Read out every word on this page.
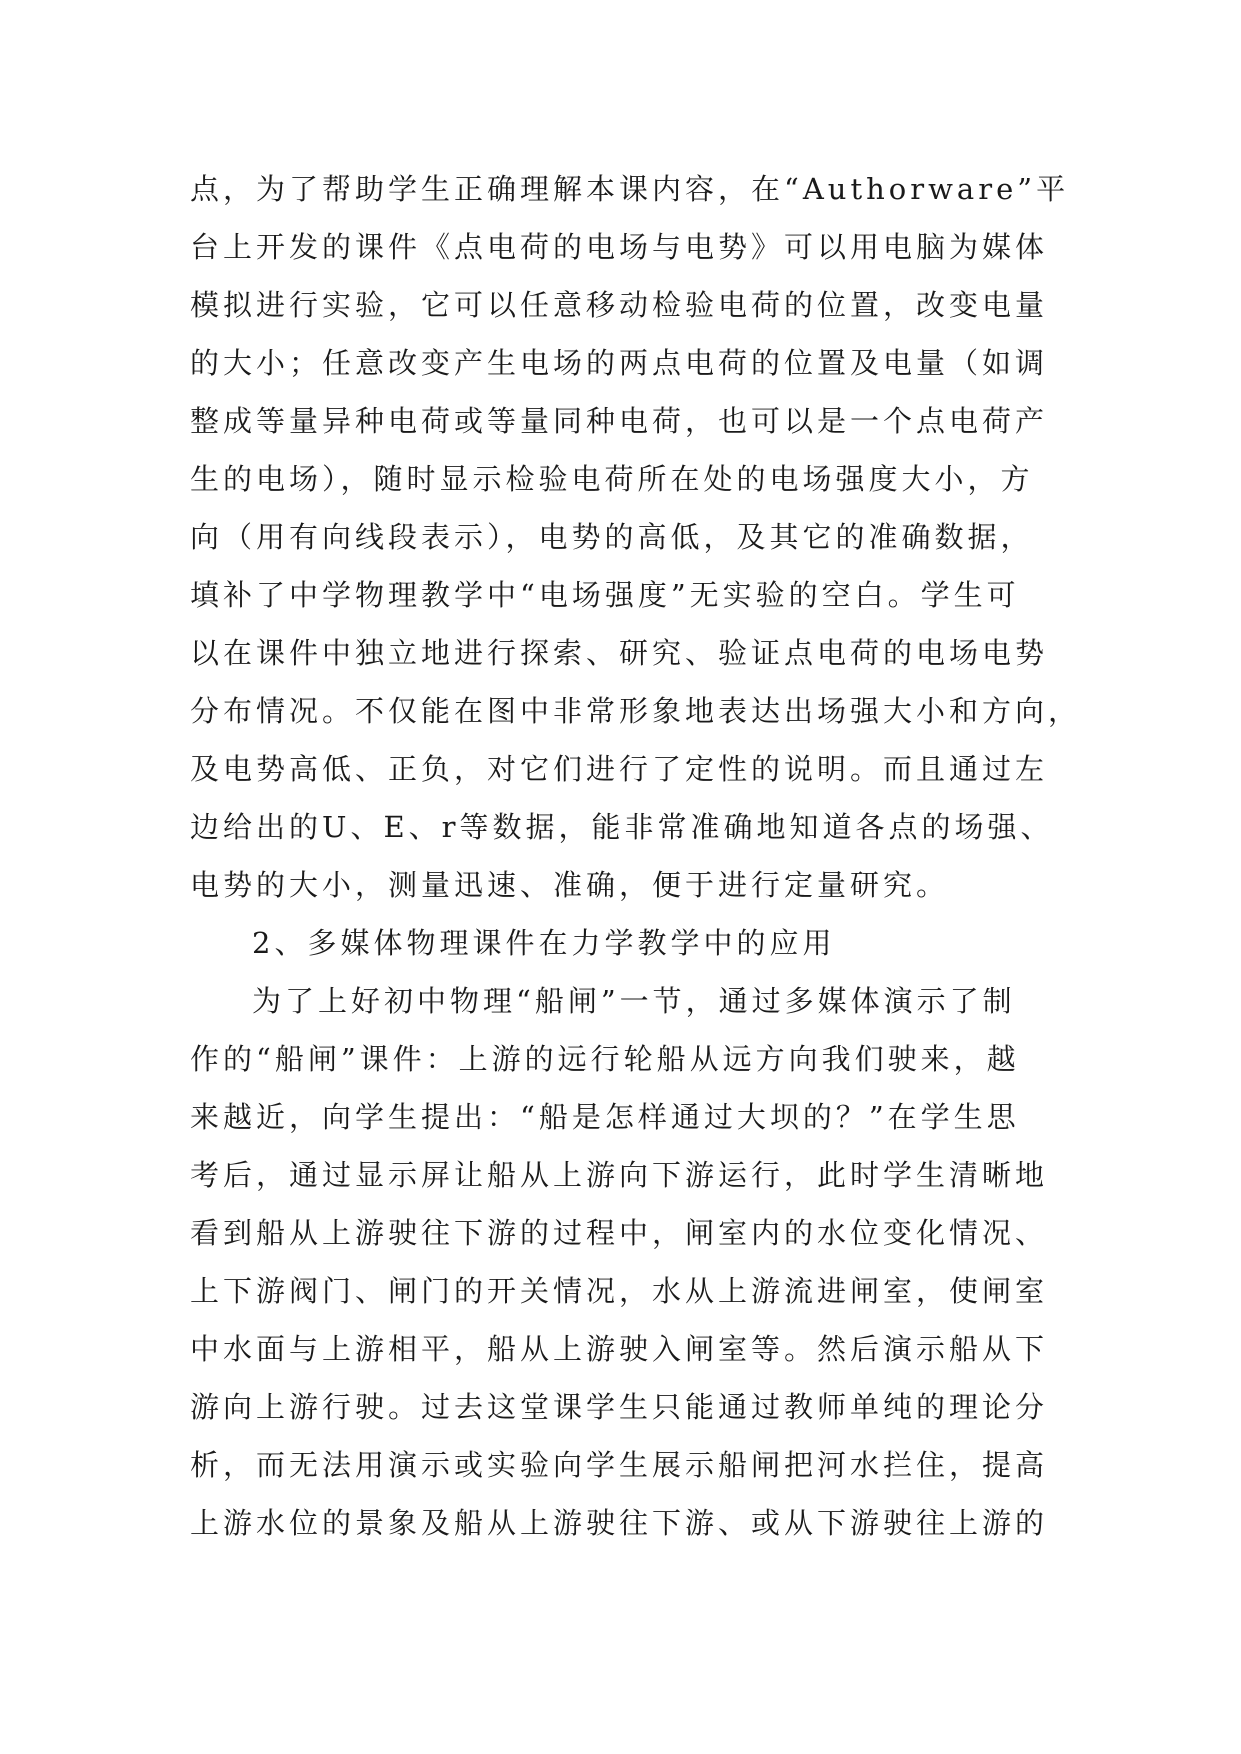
点，为了帮助学生正确理解本课内容，在“Authorware”平
台上开发的课件《点电荷的电场与电势》可以用电脑为媒体
模拟进行实验，它可以任意移动检验电荷的位置，改变电量
的大小；任意改变产生电场的两点电荷的位置及电量（如调
整成等量异种电荷或等量同种电荷，也可以是一个点电荷产
生的电场），随时显示检验电荷所在处的电场强度大小，方
向（用有向线段表示），电势的高低，及其它的准确数据，
填补了中学物理教学中“电场强度”无实验的空白。学生可
以在课件中独立地进行探索、研究、验证点电荷的电场电势
分布情况。不仅能在图中非常形象地表达出场强大小和方向，
及电势高低、正负，对它们进行了定性的说明。而且通过左
边给出的U、E、r等数据，能非常准确地知道各点的场强、
电势的大小，测量迅速、准确，便于进行定量研究。
2、多媒体物理课件在力学教学中的应用
为了上好初中物理“船闸”一节，通过多媒体演示了制
作的“船闸”课件：上游的远行轮船从远方向我们驶来，越
来越近，向学生提出：“船是怎样通过大坝的？”在学生思
考后，通过显示屏让船从上游向下游运行，此时学生清晰地
看到船从上游驶往下游的过程中，闸室内的水位变化情况、
上下游阀门、闸门的开关情况，水从上游流进闸室，使闸室
中水面与上游相平，船从上游驶入闸室等。然后演示船从下
游向上游行驶。过去这堂课学生只能通过教师单纯的理论分
析，而无法用演示或实验向学生展示船闸把河水拦住，提高
上游水位的景象及船从上游驶往下游、或从下游驶往上游的
